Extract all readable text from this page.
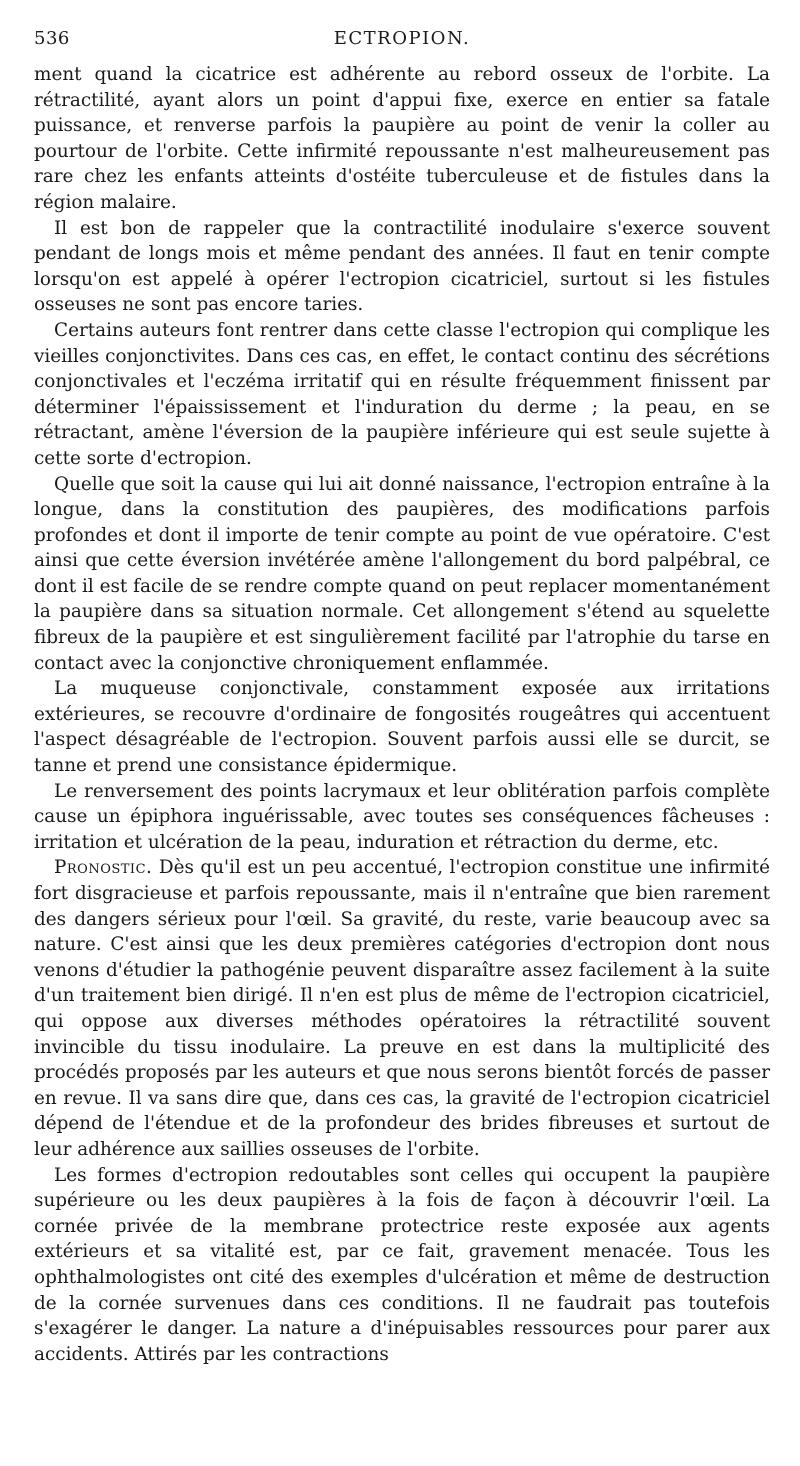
536	ECTROPION.

ment quand la cicatrice est adhérente au rebord osseux de l'orbite. La rétractilité, ayant alors un point d'appui fixe, exerce en entier sa fatale puissance, et renverse parfois la paupière au point de venir la coller au pourtour de l'orbite. Cette infirmité repoussante n'est malheureusement pas rare chez les enfants atteints d'ostéite tuberculeuse et de fistules dans la région malaire.

Il est bon de rappeler que la contractilité inodulaire s'exerce souvent pendant de longs mois et même pendant des années. Il faut en tenir compte lorsqu'on est appelé à opérer l'ectropion cicatriciel, surtout si les fistules osseuses ne sont pas encore taries.

Certains auteurs font rentrer dans cette classe l'ectropion qui complique les vieilles conjonctivites. Dans ces cas, en effet, le contact continu des sécrétions conjonctivales et l'eczéma irritatif qui en résulte fréquemment finissent par déterminer l'épaississement et l'induration du derme ; la peau, en se rétractant, amène l'éversion de la paupière inférieure qui est seule sujette à cette sorte d'ectropion.

Quelle que soit la cause qui lui ait donné naissance, l'ectropion entraîne à la longue, dans la constitution des paupières, des modifications parfois profondes et dont il importe de tenir compte au point de vue opératoire. C'est ainsi que cette éversion invétérée amène l'allongement du bord palpébral, ce dont il est facile de se rendre compte quand on peut replacer momentanément la paupière dans sa situation normale. Cet allongement s'étend au squelette fibreux de la paupière et est singulièrement facilité par l'atrophie du tarse en contact avec la conjonctive chroniquement enflammée.

La muqueuse conjonctivale, constamment exposée aux irritations extérieures, se recouvre d'ordinaire de fongosités rougeâtres qui accentuent l'aspect désagréable de l'ectropion. Souvent parfois aussi elle se durcit, se tanne et prend une consistance épidermique.

Le renversement des points lacrymaux et leur oblitération parfois complète cause un épiphora inguérissable, avec toutes ses conséquences fâcheuses : irritation et ulcération de la peau, induration et rétraction du derme, etc.

Pronostic. Dès qu'il est un peu accentué, l'ectropion constitue une infirmité fort disgracieuse et parfois repoussante, mais il n'entraîne que bien rarement des dangers sérieux pour l'œil. Sa gravité, du reste, varie beaucoup avec sa nature. C'est ainsi que les deux premières catégories d'ectropion dont nous venons d'étudier la pathogénie peuvent disparaître assez facilement à la suite d'un traitement bien dirigé. Il n'en est plus de même de l'ectropion cicatriciel, qui oppose aux diverses méthodes opératoires la rétractilité souvent invincible du tissu inodulaire. La preuve en est dans la multiplicité des procédés proposés par les auteurs et que nous serons bientôt forcés de passer en revue. Il va sans dire que, dans ces cas, la gravité de l'ectropion cicatriciel dépend de l'étendue et de la profondeur des brides fibreuses et surtout de leur adhérence aux saillies osseuses de l'orbite.

Les formes d'ectropion redoutables sont celles qui occupent la paupière supérieure ou les deux paupières à la fois de façon à découvrir l'œil. La cornée privée de la membrane protectrice reste exposée aux agents extérieurs et sa vitalité est, par ce fait, gravement menacée. Tous les ophthalmologistes ont cité des exemples d'ulcération et même de destruction de la cornée survenues dans ces conditions. Il ne faudrait pas toutefois s'exagérer le danger. La nature a d'inépuisables ressources pour parer aux accidents. Attirés par les contractions
